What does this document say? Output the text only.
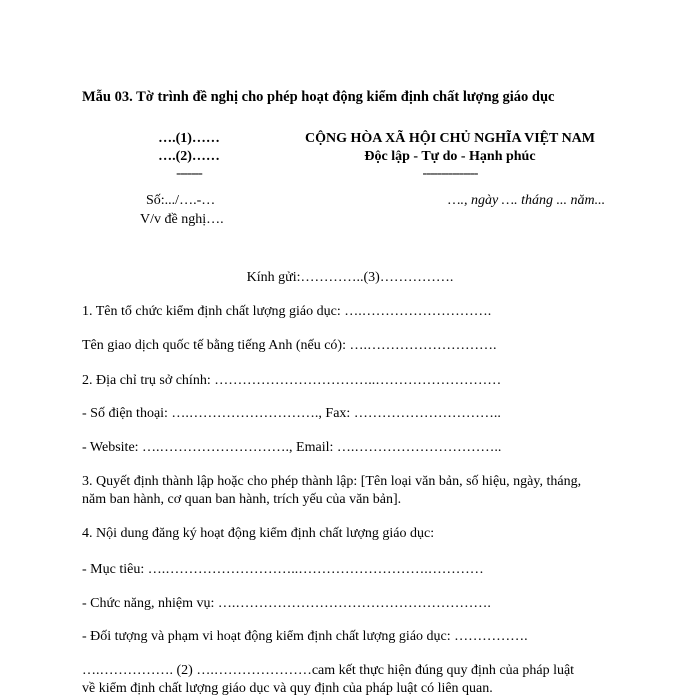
Mẫu 03. Tờ trình đề nghị cho phép hoạt động kiểm định chất lượng giáo dục
….(1)……
….(2)……
-------
CỘNG HÒA XÃ HỘI CHỦ NGHĨA VIỆT NAM
Độc lập - Tự do - Hạnh phúc
---------------
Số:.../….-…
V/v đề nghị….
…., ngày …. tháng ... năm...
Kính gửi:…………..(3)…………….
1. Tên tổ chức kiểm định chất lượng giáo dục: ….……………………….
Tên giao dịch quốc tế bằng tiếng Anh (nếu có): ….……………………….
2. Địa chỉ trụ sở chính: ……………………………..………………………
- Số điện thoại: ….………………………., Fax: …………………………..
- Website: ….………………………., Email: ….…………………………..
3. Quyết định thành lập hoặc cho phép thành lập: [Tên loại văn bản, số hiệu, ngày, tháng,
năm ban hành, cơ quan ban hành, trích yếu của văn bản].
4. Nội dung đăng ký hoạt động kiểm định chất lượng giáo dục:
- Mục tiêu: ….………………………..……………………….…………
- Chức năng, nhiệm vụ: ….……………………………………………….
- Đối tượng và phạm vi hoạt động kiểm định chất lượng giáo dục: …………….
….……………. (2) ….…………………cam kết thực hiện đúng quy định của pháp luật
về kiểm định chất lượng giáo dục và quy định của pháp luật có liên quan.
